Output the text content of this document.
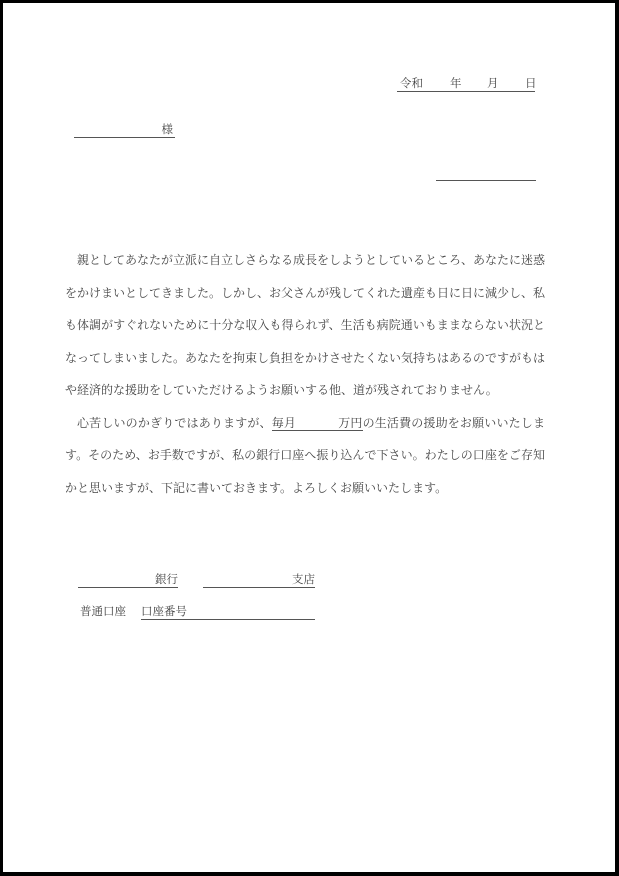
令和 年 月 日
様

親としてあなたが立派に自立しさらなる成長をしようとしているところ、あなたに迷惑をかけまいとしてきました。しかし、お父さんが残してくれた遺産も日に日に減少し、私も体調がすぐれないために十分な収入も得られず、生活も病院通いもままならない状況となってしまいました。あなたを拘束し負担をかけさせたくない気持ちはあるのですがもはや経済的な援助をしていただけるようお願いする他、道が残されておりません。

心苦しいのかぎりではありますが、毎月	万円の生活費の援助をお願いいたします。そのため、お手数ですが、私の銀行口座へ振り込んで下さい。わたしの口座をご存知かと思いますが、下記に書いておきます。よろしくお願いいたします。

銀行	支店
普通口座 口座番号
